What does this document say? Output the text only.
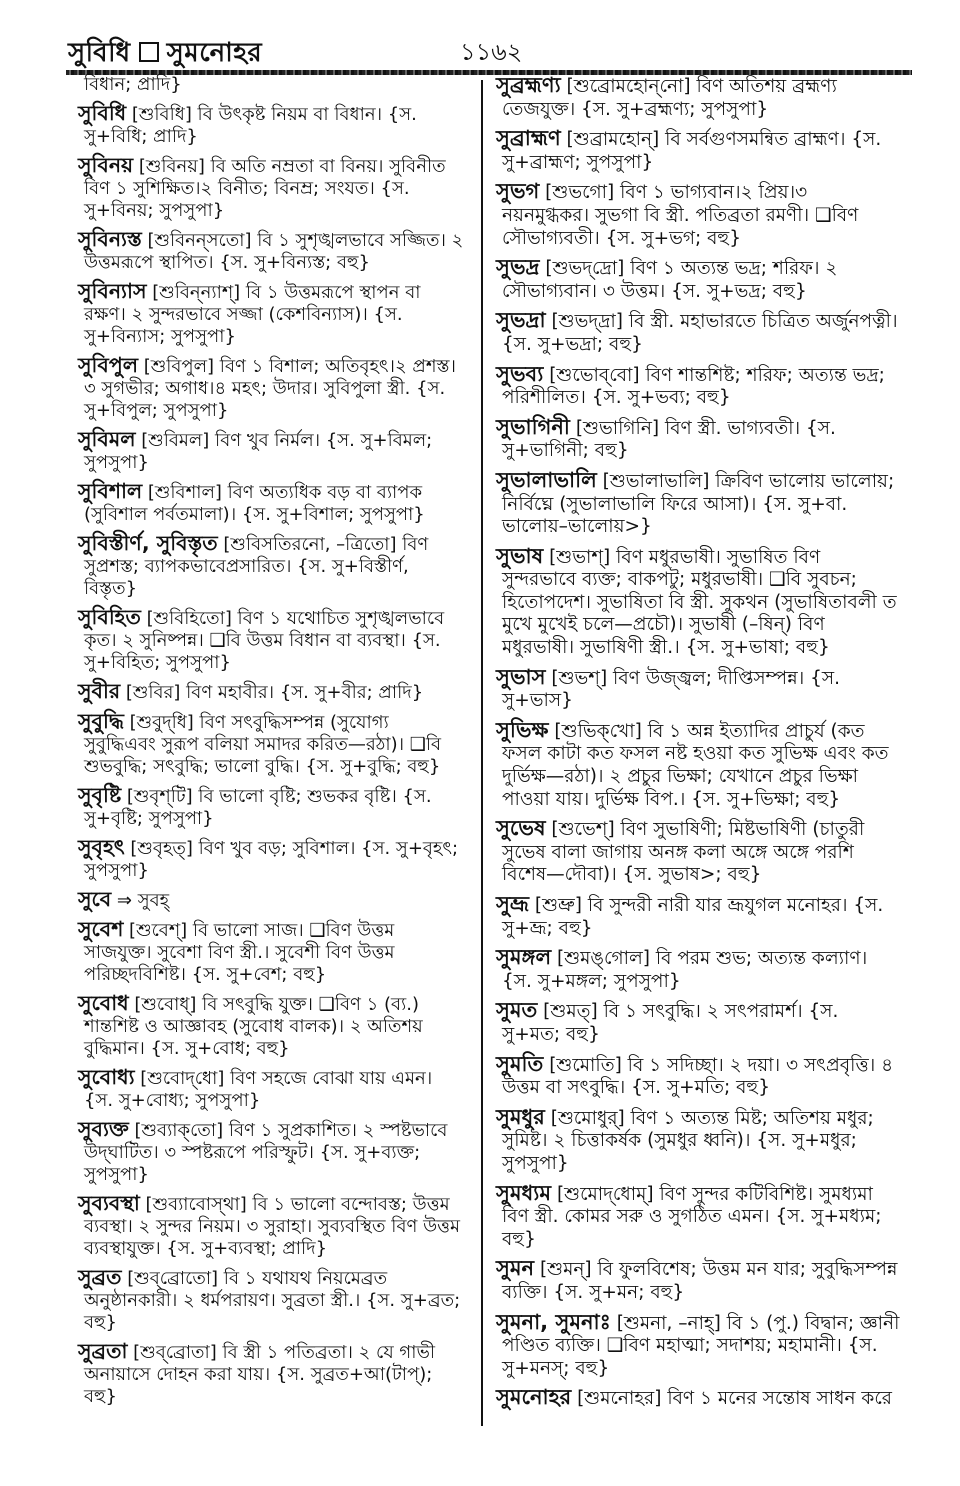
সুবিধি সুমনোহর	১১৬২
বিধান; প্রাদি}
সুবিধি [শুবিধি] বি উৎকৃষ্ট নিয়ম বা বিধান। {স. সু+বিধি; প্রাদি}
সুবিনয় [শুবিনয়] বি অতি নম্রতা বা বিনয়। সুবিনীত বিণ ১ সুশিক্ষিত।২ বিনীত; বিনম্র; সংযত। {স. সু+বিনয়; সুপসুপা}
সুবিন্যস্ত [শুবিনন্‌সতো] বি ১ সুশৃঙ্খলভাবে সজ্জিত। ২ উত্তমরূপে স্থাপিত। {স. সু+বিন্যস্ত; বহু}
সুবিন্যাস [শুবিন্‌ন্যাশ্] বি ১ উত্তমরূপে স্থাপন বা রক্ষণ। ২ সুন্দরভাবে সজ্জা (কেশবিন্যাস)। {স. সু+বিন্যাস; সুপসুপা}
সুবিপুল [শুবিপুল] বিণ ১ বিশাল; অতিবৃহৎ।২ প্রশস্ত। ৩ সুগভীর; অগাধ।৪ মহৎ; উদার। সুবিপুলা স্ত্রী. {স. সু+বিপুল; সুপসুপা}
সুবিমল [শুবিমল] বিণ খুব নির্মল। {স. সু+বিমল; সুপসুপা}
সুবিশাল [শুবিশাল] বিণ অত্যধিক বড় বা ব্যাপক (সুবিশাল পর্বতমালা)। {স. সু+বিশাল; সুপসুপা}
সুবিস্তীর্ণ, সুবিস্তৃত [শুবিসতিরনো, –ত্রিতো] বিণ সুপ্রশস্ত; ব্যাপকভাবেপ্রসারিত। {স. সু+বিস্তীর্ণ, বিস্তৃত}
সুবিহিত [শুবিহিতো] বিণ ১ যথোচিত সুশৃঙ্খলভাবে কৃত। ২ সুনিষ্পন্ন। ❑বি উত্তম বিধান বা ব্যবস্থা। {স. সু+বিহিত; সুপসুপা}
সুবীর [শুবির] বিণ মহাবীর। {স. সু+বীর; প্রাদি}
সুবুদ্ধি [শুবুদ্‌ধি] বিণ সৎবুদ্ধিসম্পন্ন (সুযোগ্য সুবুদ্ধিএবং সুরূপ বলিয়া সমাদর করিত—রঠা)। ❑বি শুভবুদ্ধি; সৎবুদ্ধি; ভালো বুদ্ধি। {স. সু+বুদ্ধি; বহু}
সুবৃষ্টি [শুবৃশ্‌টি] বি ভালো বৃষ্টি; শুভকর বৃষ্টি। {স. সু+বৃষ্টি; সুপসুপা}
সুবৃহৎ [শুবৃহত্] বিণ খুব বড়; সুবিশাল। {স. সু+বৃহৎ; সুপসুপা}
সুবে ⇒ সুবহ্
সুবেশ [শুবেশ্] বি ভালো সাজ। ❑বিণ উত্তম সাজযুক্ত। সুবেশা বিণ স্ত্রী.। সুবেশী বিণ উত্তম পরিচ্ছদবিশিষ্ট। {স. সু+বেশ; বহু}
সুবোধ [শুবোধ্] বি সৎবুদ্ধি যুক্ত। ❑বিণ ১ (ব্য.) শান্তশিষ্ট ও আজ্ঞাবহ (সুবোধ বালক)। ২ অতিশয় বুদ্ধিমান। {স. সু+বোধ; বহু}
সুবোধ্য [শুবোদ্‌ধো] বিণ সহজে বোঝা যায় এমন। {স. সু+বোধ্য; সুপসুপা}
সুব্যক্ত [শুব্যাক্‌তো] বিণ ১ সুপ্রকাশিত। ২ স্পষ্টভাবে উদ্‌ঘাটিত। ৩ স্পষ্টরূপে পরিস্ফুট। {স. সু+ব্যক্ত; সুপসুপা}
সুব্যবস্থা [শুব্যাবোস্‌থা] বি ১ ভালো বন্দোবস্ত; উত্তম ব্যবস্থা। ২ সুন্দর নিয়ম। ৩ সুরাহা। সুব্যবস্থিত বিণ উত্তম ব্যবস্থাযুক্ত। {স. সু+ব্যবস্থা; প্রাদি}
সুব্রত [শুব্‌ব্রোতো] বি ১ যথাযথ নিয়মেব্রত অনুষ্ঠানকারী। ২ ধর্মপরায়ণ। সুব্রতা স্ত্রী.। {স. সু+ব্রত; বহু}
সুব্রতা [শুব্‌ব্রোতা] বি স্ত্রী ১ পতিব্রতা। ২ যে গাভী অনায়াসে দোহন করা যায়। {স. সুব্রত+আ(টাপ্); বহু}
সুব্রহ্মণ্য [শুব্রোমহোন্‌নো] বিণ অতিশয় ব্রহ্মণ্য তেজযুক্ত। {স. সু+ব্রহ্মণ্য; সুপসুপা}
সুব্রাহ্মণ [শুব্রামহোন্] বি সর্বগুণসমন্বিত ব্রাহ্মণ। {স. সু+ব্রাহ্মণ; সুপসুপা}
সুভগ [শুভগো] বিণ ১ ভাগ্যবান।২ প্রিয়।৩ নয়নমুগ্ধকর। সুভগা বি স্ত্রী. পতিব্রতা রমণী। ❑বিণ সৌভাগ্যবতী। {স. সু+ভগ; বহু}
সুভদ্র [শুভদ্‌দ্রো] বিণ ১ অত্যন্ত ভদ্র; শরিফ। ২ সৌভাগ্যবান। ৩ উত্তম। {স. সু+ভদ্র; বহু}
সুভদ্রা [শুভদ্‌দ্রা] বি স্ত্রী. মহাভারতে চিত্রিত অর্জুনপত্নী। {স. সু+ভদ্রা; বহু}
সুভব্য [শুভোব্‌বো] বিণ শান্তশিষ্ট; শরিফ; অত্যন্ত ভদ্র; পরিশীলিত। {স. সু+ভব্য; বহু}
সুভাগিনী [শুভাগিনি] বিণ স্ত্রী. ভাগ্যবতী। {স. সু+ভাগিনী; বহু}
সুভালাভালি [শুভালাভালি] ক্রিবিণ ভালোয় ভালোয়; নির্বিঘ্নে (সুভালাভালি ফিরে আসা)। {স. সু+বা. ভালোয়–ভালোয়>}
সুভাষ [শুভাশ্] বিণ মধুরভাষী। সুভাষিত বিণ সুন্দরভাবে ব্যক্ত; বাকপটু; মধুরভাষী। ❑বি সুবচন; হিতোপদেশ। সুভাষিতা বি স্ত্রী. সুকথন (সুভাষিতাবলী ত মুখে মুখেই চলে—প্রচৌ)। সুভাষী (–ষিন্) বিণ মধুরভাষী। সুভাষিণী স্ত্রী.। {স. সু+ভাষা; বহু}
সুভাস [শুভশ্] বিণ উজ্জ্বল; দীপ্তিসম্পন্ন। {স. সু+ভাস}
সুভিক্ষ [শুভিক্‌খো] বি ১ অন্ন ইত্যাদির প্রাচুর্য (কত ফসল কাটা কত ফসল নষ্ট হওয়া কত সুভিক্ষ এবং কত দুর্ভিক্ষ—রঠা)। ২ প্রচুর ভিক্ষা; যেখানে প্রচুর ভিক্ষা পাওয়া যায়। দুর্ভিক্ষ বিপ.। {স. সু+ভিক্ষা; বহু}
সুভেষ [শুভেশ্] বিণ সুভাষিণী; মিষ্টভাষিণী (চাতুরী সুভেষ বালা জাগায় অনঙ্গ কলা অঙ্গে অঙ্গে পরশি বিশেষ—দৌবা)। {স. সুভাষ>; বহু}
সুভ্রূ [শুভ্রু] বি সুন্দরী নারী যার ভ্রূযুগল মনোহর। {স. সু+ভ্রূ; বহু}
সুমঙ্গল [শুমঙ্‌গোল] বি পরম শুভ; অত্যন্ত কল্যাণ। {স. সু+মঙ্গল; সুপসুপা}
সুমত [শুমত্] বি ১ সৎবুদ্ধি। ২ সৎপরামর্শ। {স. সু+মত; বহু}
সুমতি [শুমোতি] বি ১ সদিচ্ছা। ২ দয়া। ৩ সৎপ্রবৃত্তি। ৪ উত্তম বা সৎবুদ্ধি। {স. সু+মতি; বহু}
সুমধুর [শুমোধুর্] বিণ ১ অত্যন্ত মিষ্ট; অতিশয় মধুর; সুমিষ্ট। ২ চিত্তাকর্ষক (সুমধুর ধ্বনি)। {স. সু+মধুর; সুপসুপা}
সুমধ্যম [শুমোদ্‌ধোম্] বিণ সুন্দর কটিবিশিষ্ট। সুমধ্যমা বিণ স্ত্রী. কোমর সরু ও সুগঠিত এমন। {স. সু+মধ্যম; বহু}
সুমন [শুমন্] বি ফুলবিশেষ; উত্তম মন যার; সুবুদ্ধিসম্পন্ন ব্যক্তি। {স. সু+মন; বহু}
সুমনা, সুমনাঃ [শুমনা, –নাহ্] বি ১ (পু.) বিদ্বান; জ্ঞানী পণ্ডিত ব্যক্তি। ❑বিণ মহাত্মা; সদাশয়; মহামানী। {স. সু+মনস্; বহু}
সুমনোহর [শুমনোহর] বিণ ১ মনের সন্তোষ সাধন করে
